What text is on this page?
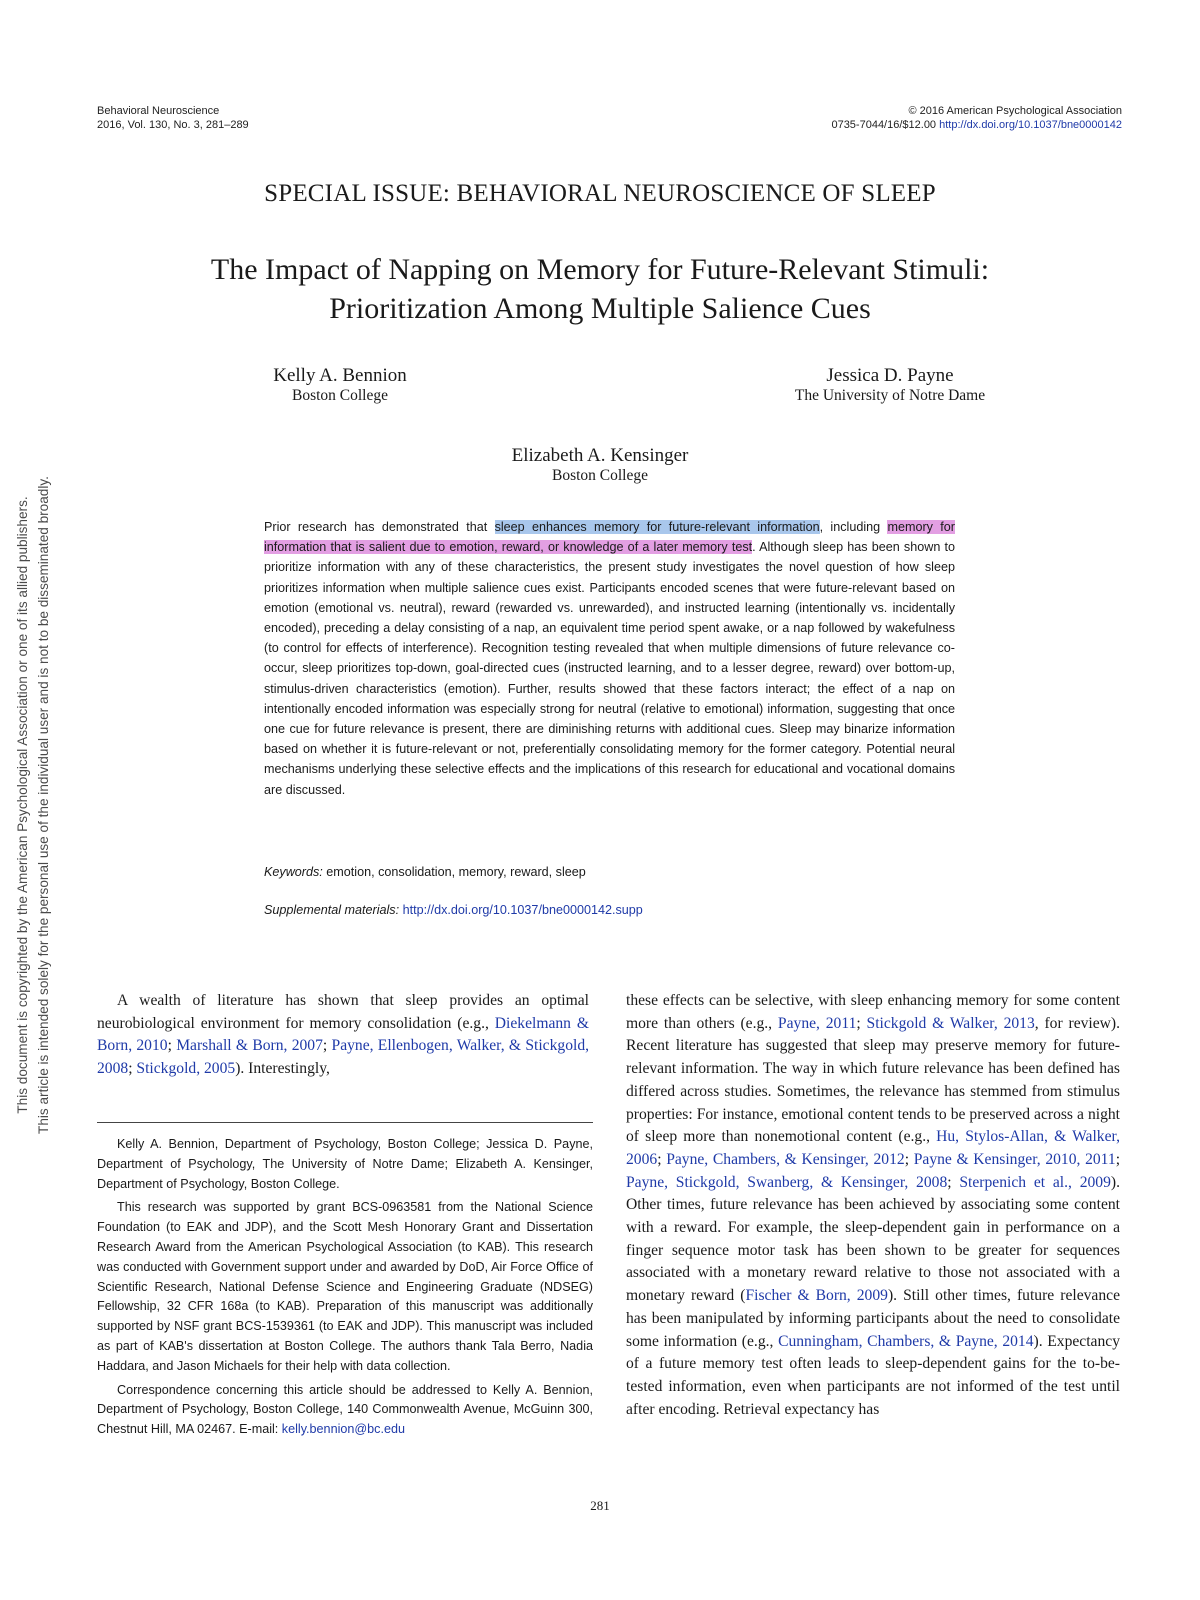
Behavioral Neuroscience
2016, Vol. 130, No. 3, 281–289
© 2016 American Psychological Association
0735-7044/16/$12.00 http://dx.doi.org/10.1037/bne0000142
SPECIAL ISSUE: BEHAVIORAL NEUROSCIENCE OF SLEEP
The Impact of Napping on Memory for Future-Relevant Stimuli:
Prioritization Among Multiple Salience Cues
Kelly A. Bennion
Boston College
Jessica D. Payne
The University of Notre Dame
Elizabeth A. Kensinger
Boston College
Prior research has demonstrated that sleep enhances memory for future-relevant information, including memory for information that is salient due to emotion, reward, or knowledge of a later memory test. Although sleep has been shown to prioritize information with any of these characteristics, the present study investigates the novel question of how sleep prioritizes information when multiple salience cues exist. Participants encoded scenes that were future-relevant based on emotion (emotional vs. neutral), reward (rewarded vs. unrewarded), and instructed learning (intentionally vs. incidentally encoded), preceding a delay consisting of a nap, an equivalent time period spent awake, or a nap followed by wakefulness (to control for effects of interference). Recognition testing revealed that when multiple dimensions of future relevance co-occur, sleep prioritizes top-down, goal-directed cues (instructed learning, and to a lesser degree, reward) over bottom-up, stimulus-driven characteristics (emotion). Further, results showed that these factors interact; the effect of a nap on intentionally encoded information was especially strong for neutral (relative to emotional) information, suggesting that once one cue for future relevance is present, there are diminishing returns with additional cues. Sleep may binarize information based on whether it is future-relevant or not, preferentially consolidating memory for the former category. Potential neural mechanisms underlying these selective effects and the implications of this research for educational and vocational domains are discussed.
Keywords: emotion, consolidation, memory, reward, sleep
Supplemental materials: http://dx.doi.org/10.1037/bne0000142.supp

A wealth of literature has shown that sleep provides an optimal neurobiological environment for memory consolidation (e.g., Diekelmann & Born, 2010; Marshall & Born, 2007; Payne, Ellenbogen, Walker, & Stickgold, 2008; Stickgold, 2005). Interestingly,

Kelly A. Bennion, Department of Psychology, Boston College; Jessica D. Payne, Department of Psychology, The University of Notre Dame; Elizabeth A. Kensinger, Department of Psychology, Boston College.

This research was supported by grant BCS-0963581 from the National Science Foundation (to EAK and JDP), and the Scott Mesh Honorary Grant and Dissertation Research Award from the American Psychological Association (to KAB). This research was conducted with Government support under and awarded by DoD, Air Force Office of Scientific Research, National Defense Science and Engineering Graduate (NDSEG) Fellowship, 32 CFR 168a (to KAB). Preparation of this manuscript was additionally supported by NSF grant BCS-1539361 (to EAK and JDP). This manuscript was included as part of KAB's dissertation at Boston College. The authors thank Tala Berro, Nadia Haddara, and Jason Michaels for their help with data collection.

Correspondence concerning this article should be addressed to Kelly A. Bennion, Department of Psychology, Boston College, 140 Commonwealth Avenue, McGuinn 300, Chestnut Hill, MA 02467. E-mail: kelly.bennion@bc.edu

these effects can be selective, with sleep enhancing memory for some content more than others (e.g., Payne, 2011; Stickgold & Walker, 2013, for review). Recent literature has suggested that sleep may preserve memory for future-relevant information. The way in which future relevance has been defined has differed across studies. Sometimes, the relevance has stemmed from stimulus properties: For instance, emotional content tends to be preserved across a night of sleep more than nonemotional content (e.g., Hu, Stylos-Allan, & Walker, 2006; Payne, Chambers, & Kensinger, 2012; Payne & Kensinger, 2010, 2011; Payne, Stickgold, Swanberg, & Kensinger, 2008; Sterpenich et al., 2009). Other times, future relevance has been achieved by associating some content with a reward. For example, the sleep-dependent gain in performance on a finger sequence motor task has been shown to be greater for sequences associated with a monetary reward relative to those not associated with a monetary reward (Fischer & Born, 2009). Still other times, future relevance has been manipulated by informing participants about the need to consolidate some information (e.g., Cunningham, Chambers, & Payne, 2014). Expectancy of a future memory test often leads to sleep-dependent gains for the to-be-tested information, even when participants are not informed of the test until after encoding. Retrieval expectancy has

281
This document is copyrighted by the American Psychological Association or one of its allied publishers. This article is intended solely for the personal use of the individual user and is not to be disseminated broadly.
